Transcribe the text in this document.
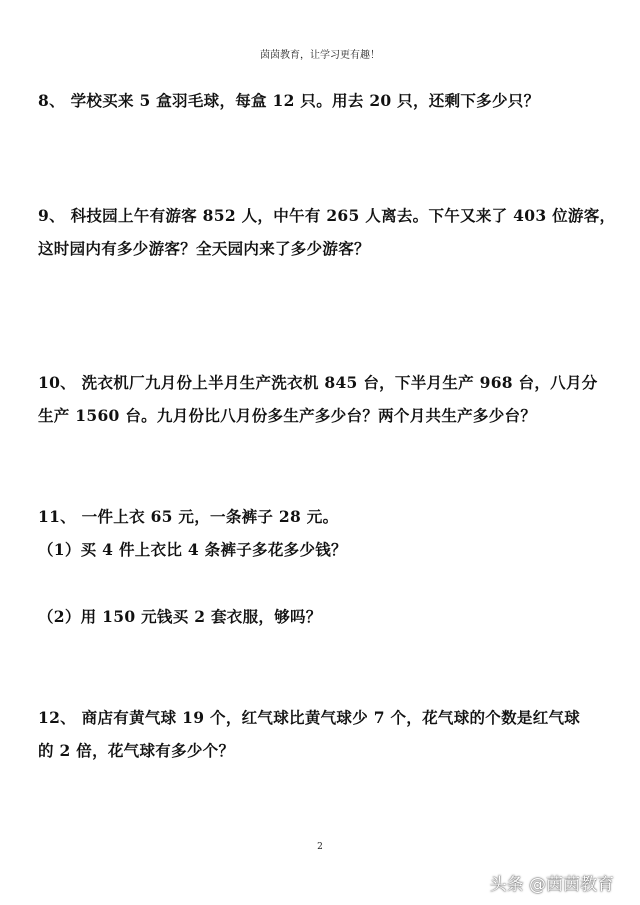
茵茵教育，让学习更有趣！
8、 学校买来 5 盒羽毛球，每盒 12 只。用去 20 只，还剩下多少只？
9、 科技园上午有游客 852 人，中午有 265 人离去。下午又来了 403 位游客，
这时园内有多少游客？全天园内来了多少游客？
10、 洗衣机厂九月份上半月生产洗衣机 845 台，下半月生产 968 台，八月分
生产 1560 台。九月份比八月份多生产多少台？两个月共生产多少台？
11、 一件上衣 65 元，一条裤子 28 元。
（1）买 4 件上衣比 4 条裤子多花多少钱？
（2）用 150 元钱买 2 套衣服，够吗？
12、 商店有黄气球 19 个，红气球比黄气球少 7 个，花气球的个数是红气球
的 2 倍，花气球有多少个？
2
头条 @茵茵教育
